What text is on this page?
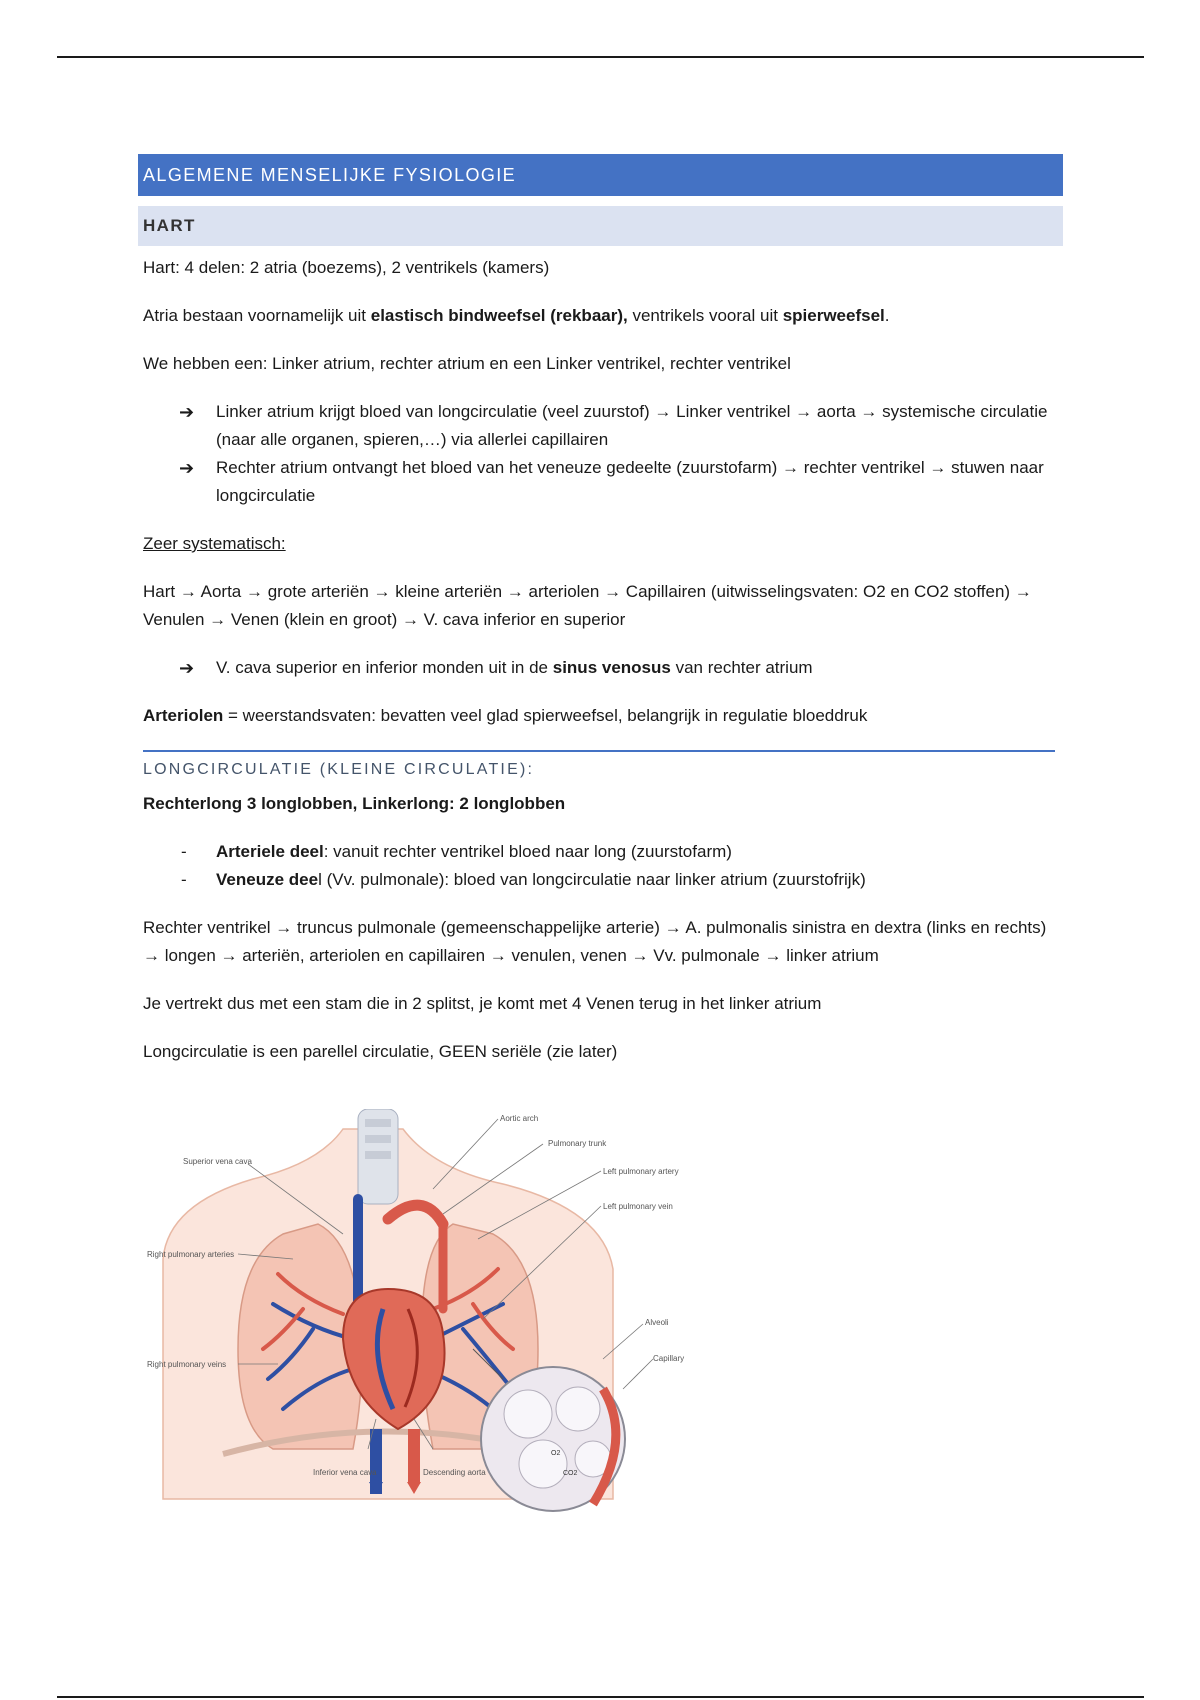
ALGEMENE MENSELIJKE FYSIOLOGIE
HART

Hart: 4 delen: 2 atria (boezems), 2 ventrikels (kamers)

Atria bestaan voornamelijk uit elastisch bindweefsel (rekbaar), ventrikels vooral uit spierweefsel.

We hebben een: Linker atrium, rechter atrium en een Linker ventrikel, rechter ventrikel

➔ Linker atrium krijgt bloed van longcirculatie (veel zuurstof) → Linker ventrikel → aorta → systemische circulatie (naar alle organen, spieren,…) via allerlei capillairen
➔ Rechter atrium ontvangt het bloed van het veneuze gedeelte (zuurstofarm) → rechter ventrikel → stuwen naar longcirculatie

Zeer systematisch:

Hart → Aorta → grote arteriën → kleine arteriën → arteriolen → Capillairen (uitwisselingsvaten: O2 en CO2 stoffen) → Venulen → Venen (klein en groot) → V. cava inferior en superior

➔ V. cava superior en inferior monden uit in de sinus venosus van rechter atrium

Arteriolen = weerstandsvaten: bevatten veel glad spierweefsel, belangrijk in regulatie bloeddruk

LONGCIRCULATIE (KLEINE CIRCULATIE):

Rechterlong 3 longlobben, Linkerlong: 2 longlobben

- Arteriele deel: vanuit rechter ventrikel bloed naar long (zuurstofarm)
- Veneuze deel (Vv. pulmonale): bloed van longcirculatie naar linker atrium (zuurstofrijk)

Rechter ventrikel → truncus pulmonale (gemeenschappelijke arterie) → A. pulmonalis sinistra en dextra (links en rechts) → longen → arteriën, arteriolen en capillairen → venulen, venen → Vv. pulmonale → linker atrium

Je vertrekt dus met een stam die in 2 splitst, je komt met 4 Venen terug in het linker atrium

Longcirculatie is een parellel circulatie, GEEN seriële (zie later)

Aortic arch
Pulmonary trunk
Superior vena cava
Left pulmonary artery
Left pulmonary vein
Right pulmonary arteries
Right pulmonary veins
Alveoli
Capillary
Inferior vena cava	Descending aorta
O2
CO2
